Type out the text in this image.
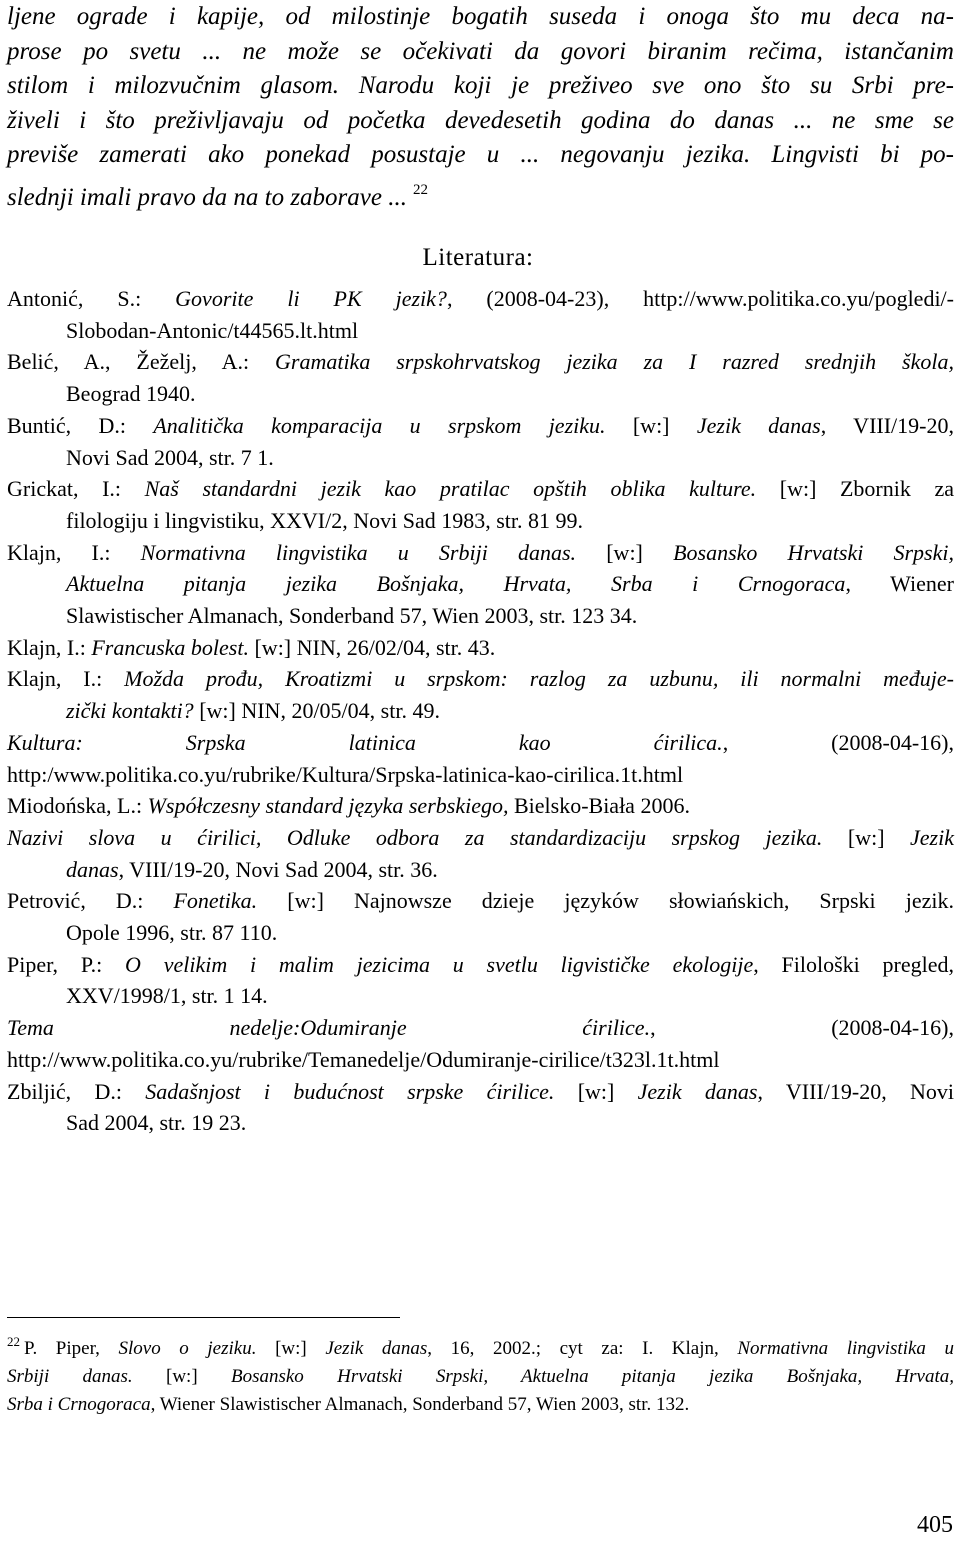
ljene ograde i kapije, od milostinje bogatih suseda i onoga što mu deca na-
prose po svetu ... ne može se očekivati da govori biranim rečima, istančanim
stilom i milozvučnim glasom. Narodu koji je preživeo sve ono što su Srbi pre-
živeli i što preživljavaju od početka devedesetih godina do danas ... ne sme se
previše zamerati ako ponekad posustaje u ... negovanju jezika. Lingvisti bi po-
slednji imali pravo da na to zaborave ... $^{22}$
Literatura:
Antonić, S.: Govorite li PK jezik?, (2008-04-23), http://www.politika.co.yu/pogledi/-
Slobodan-Antonic/t44565.lt.html
Belić, A., Žeželj, A.: Gramatika srpskohrvatskog jezika za I razred srednjih škola,
Beograd 1940.
Buntić, D.: Analitička komparacija u srpskom jeziku. [w:] Jezik danas, VIII/19-20,
Novi Sad 2004, str. 7 1.
Grickat, I.: Naš standardni jezik kao pratilac opštih oblika kulture. [w:] Zbornik za
filologiju i lingvistiku, XXVI/2, Novi Sad 1983, str. 81 99.
Klajn, I.: Normativna lingvistika u Srbiji danas. [w:] Bosansko Hrvatski Srpski,
Aktuelna pitanja jezika Bošnjaka, Hrvata, Srba i Crnogoraca, Wiener
Slawistischer Almanach, Sonderband 57, Wien 2003, str. 123 34.
Klajn, I.: Francuska bolest. [w:] NIN, 26/02/04, str. 43.
Klajn, I.: Možda prođu, Kroatizmi u srpskom: razlog za uzbunu, ili normalni međuje-
zički kontakti? [w:] NIN, 20/05/04, str. 49.
Kultura: Srpska latinica kao ćirilica., (2008-04-16),
http:/www.politika.co.yu/rubrike/Kultura/Srpska-latinica-kao-cirilica.1t.html
Miodońska, L.: Współczesny standard języka serbskiego, Bielsko-Biała 2006.
Nazivi slova u ćirilici, Odluke odbora za standardizaciju srpskog jezika. [w:] Jezik
danas, VIII/19-20, Novi Sad 2004, str. 36.
Petrović, D.: Fonetika. [w:] Najnowsze dzieje języków słowiańskich, Srpski jezik.
Opole 1996, str. 87 110.
Piper, P.: O velikim i malim jezicima u svetlu ligvističke ekologije, Filološki pregled,
XXV/1998/1, str. 1 14.
Tema nedelje:Odumiranje ćirilice., (2008-04-16),
http://www.politika.co.yu/rubrike/Temanedelje/Odumiranje-cirilice/t323l.1t.html
Zbiljić, D.: Sadašnjost i budućnost srpske ćirilice. [w:] Jezik danas, VIII/19-20, Novi
Sad 2004, str. 19 23.
$^{22}$ P. Piper, Slovo o jeziku. [w:] Jezik danas, 16, 2002.; cyt za: I. Klajn, Normativna lingvistika u
Srbiji danas. [w:] Bosansko Hrvatski Srpski, Aktuelna pitanja jezika Bošnjaka, Hrvata,
Srba i Crnogoraca, Wiener Slawistischer Almanach, Sonderband 57, Wien 2003, str. 132.
405
